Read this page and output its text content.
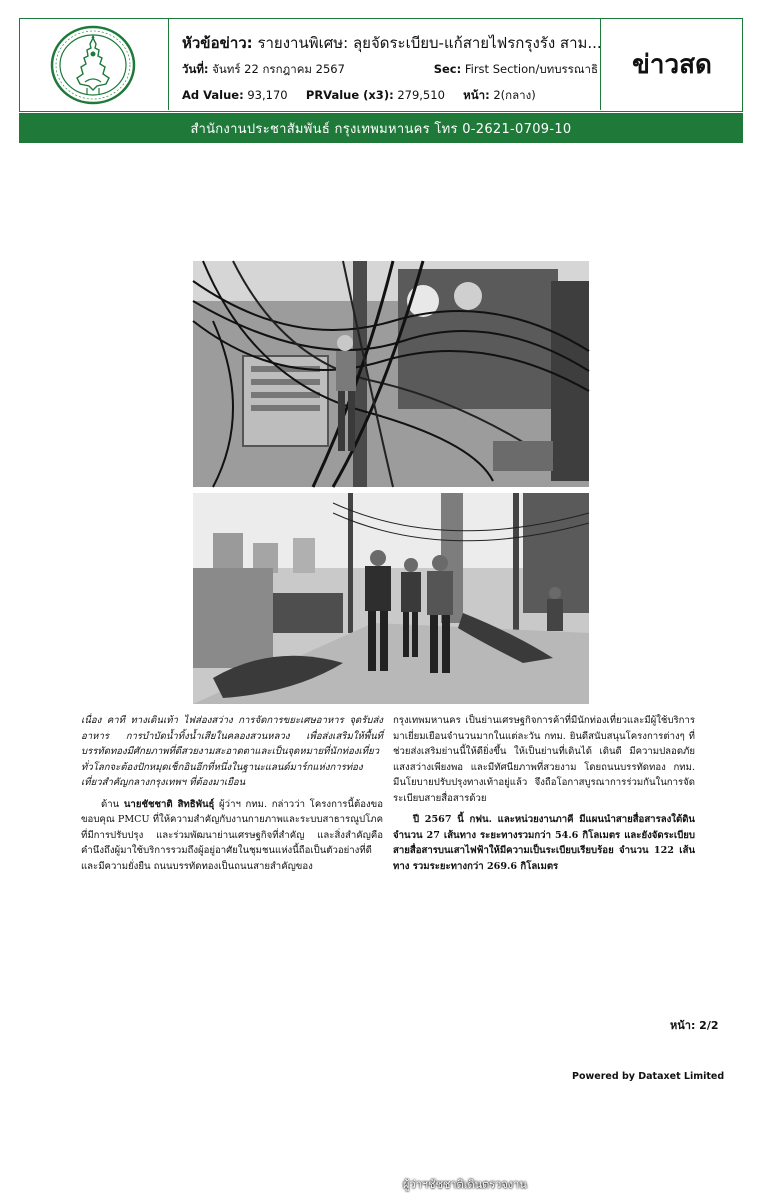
หัวข้อข่าว: รายงานพิเศษ: ลุยจัดระเบียบ-แก้สายไฟรกรุงรัง สาม...
วันที่: จันทร์ 22 กรกฎาคม 2567	Sec: First Section/บทบรรณาธิ
Ad Value: 93,170 PRValue (x3): 279,510 หน้า: 2(กลาง)
ข่าวสด
สำนักงานประชาสัมพันธ์ กรุงเทพมหานคร โทร 0-2621-0709-10
ผู้ว่าฯชัชชาติเดินตรวจงาน

เนื่อง คาที ทางเดินเท้า ไฟส่องสว่าง การจัดการขยะเศษอาหาร จุดรับส่งอาหาร การบำบัดน้ำทิ้งน้ำเสียในคลองสวนหลวง เพื่อส่งเสริมให้พื้นที่บรรทัดทองมีศักยภาพที่ดีสวยงามสะอาดตาและเป็นจุดหมายที่นักท่องเที่ยวทั่วโลกจะต้องปักหมุดเช็กอินอีกที่หนึ่งในฐานะแลนด์มาร์กแห่งการท่องเที่ยวสำคัญกลางกรุงเทพฯ ที่ต้องมาเยือน

ด้าน นายชัชชาติ สิทธิพันธุ์ ผู้ว่าฯ กทม. กล่าวว่า โครงการนี้ต้องขอขอบคุณ PMCU ที่ให้ความสำคัญกับงานกายภาพและระบบสาธารณูปโภคที่มีการปรับปรุง และร่วมพัฒนาย่านเศรษฐกิจที่สำคัญ และสิ่งสำคัญคือ คำนึงถึงผู้มาใช้บริการรวมถึงผู้อยู่อาศัยในชุมชนแห่งนี้ถือเป็นตัวอย่างที่ดีและมีความยั่งยืน ถนนบรรทัดทองเป็นถนนสายสำคัญของ

กรุงเทพมหานคร เป็นย่านเศรษฐกิจการค้าที่มีนักท่องเที่ยวและมีผู้ใช้บริการมาเยี่ยมเยือนจำนวนมากในแต่ละวัน กทม. ยินดีสนับสนุนโครงการต่างๆ ที่ช่วยส่งเสริมย่านนี้ให้ดียิ่งขึ้น ให้เป็นย่านที่เดินได้ เดินดี มีความปลอดภัย แสงสว่างเพียงพอ และมีทัศนียภาพที่สวยงาม โดยถนนบรรทัดทอง กทม. มีนโยบายปรับปรุงทางเท้าอยู่แล้ว จึงถือโอกาสบูรณาการร่วมกันในการจัดระเบียบสายสื่อสารด้วย

ปี 2567 นี้ กฟน. และหน่วยงานภาคี มีแผนนำสายสื่อสารลงใต้ดิน จำนวน 27 เส้นทาง ระยะทางรวมกว่า 54.6 กิโลเมตร และยังจัดระเบียบสายสื่อสารบนเสาไฟฟ้าให้มีความเป็นระเบียบเรียบร้อย จำนวน 122 เส้นทาง รวมระยะทางกว่า 269.6 กิโลเมตร

หน้า: 2/2
Powered by Dataxet Limited
